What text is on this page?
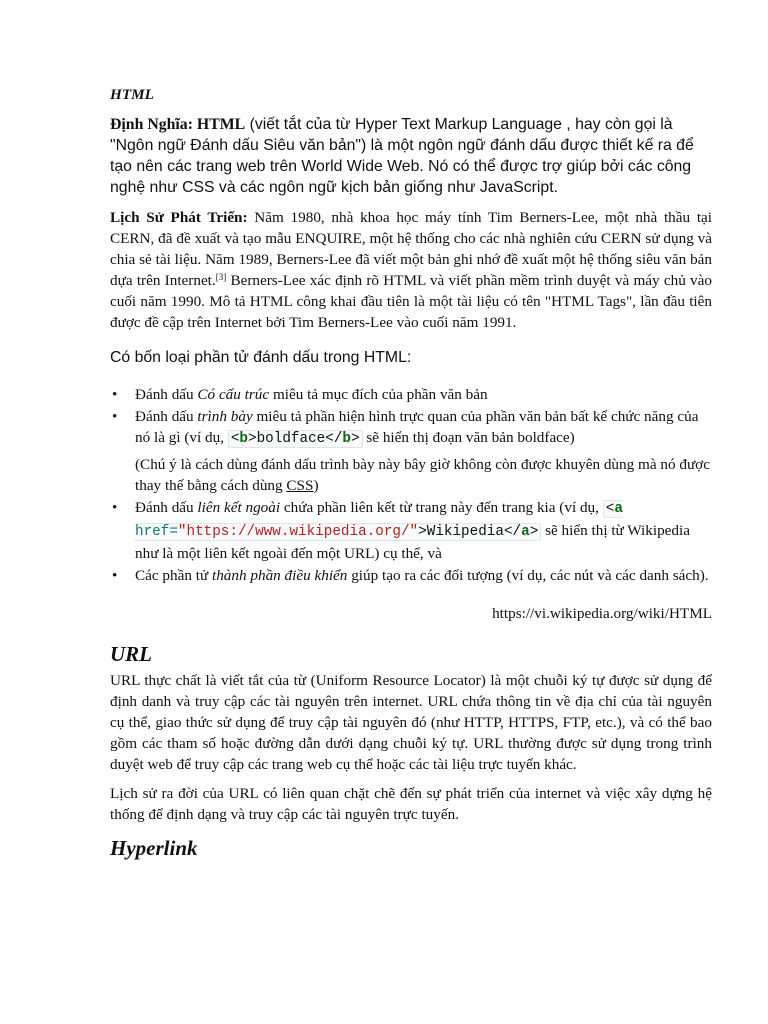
HTML

Định Nghĩa: HTML (viết tắt của từ Hyper Text Markup Language , hay còn gọi là "Ngôn ngữ Đánh dấu Siêu văn bản") là một ngôn ngữ đánh dấu được thiết kế ra để tạo nên các trang web trên World Wide Web. Nó có thể được trợ giúp bởi các công nghệ như CSS và các ngôn ngữ kịch bản giống như JavaScript.

Lịch Sử Phát Triển: Năm 1980, nhà khoa học máy tính Tim Berners-Lee, một nhà thầu tại CERN, đã đề xuất và tạo mẫu ENQUIRE, một hệ thống cho các nhà nghiên cứu CERN sử dụng và chia sẻ tài liệu. Năm 1989, Berners-Lee đã viết một bản ghi nhớ đề xuất một hệ thống siêu văn bản dựa trên Internet.[3] Berners-Lee xác định rõ HTML và viết phần mềm trình duyệt và máy chủ vào cuối năm 1990. Mô tả HTML công khai đầu tiên là một tài liệu có tên "HTML Tags", lần đầu tiên được đề cập trên Internet bởi Tim Berners-Lee vào cuối năm 1991.

Có bốn loại phần tử đánh dấu trong HTML:

• Đánh dấu Có cấu trúc miêu tả mục đích của phần văn bản
• Đánh dấu trình bày miêu tả phần hiện hình trực quan của phần văn bản bất kể chức năng của nó là gì (ví dụ, <b>boldface</b> sẽ hiển thị đoạn văn bản boldface)
(Chú ý là cách dùng đánh dấu trình bày này bây giờ không còn được khuyên dùng mà nó được thay thế bằng cách dùng CSS)
• Đánh dấu liên kết ngoài chứa phần liên kết từ trang này đến trang kia (ví dụ, <a href="https://www.wikipedia.org/">Wikipedia</a> sẽ hiển thị từ Wikipedia như là một liên kết ngoài đến một URL) cụ thể, và
• Các phần tử thành phần điều khiển giúp tạo ra các đối tượng (ví dụ, các nút và các danh sách).

https://vi.wikipedia.org/wiki/HTML

URL

URL thực chất là viết tắt của từ (Uniform Resource Locator) là một chuỗi ký tự được sử dụng để định danh và truy cập các tài nguyên trên internet. URL chứa thông tin về địa chỉ của tài nguyên cụ thể, giao thức sử dụng để truy cập tài nguyên đó (như HTTP, HTTPS, FTP, etc.), và có thể bao gồm các tham số hoặc đường dẫn dưới dạng chuỗi ký tự. URL thường được sử dụng trong trình duyệt web để truy cập các trang web cụ thể hoặc các tài liệu trực tuyến khác.

Lịch sử ra đời của URL có liên quan chặt chẽ đến sự phát triển của internet và việc xây dựng hệ thống để định dạng và truy cập các tài nguyên trực tuyến.

Hyperlink
